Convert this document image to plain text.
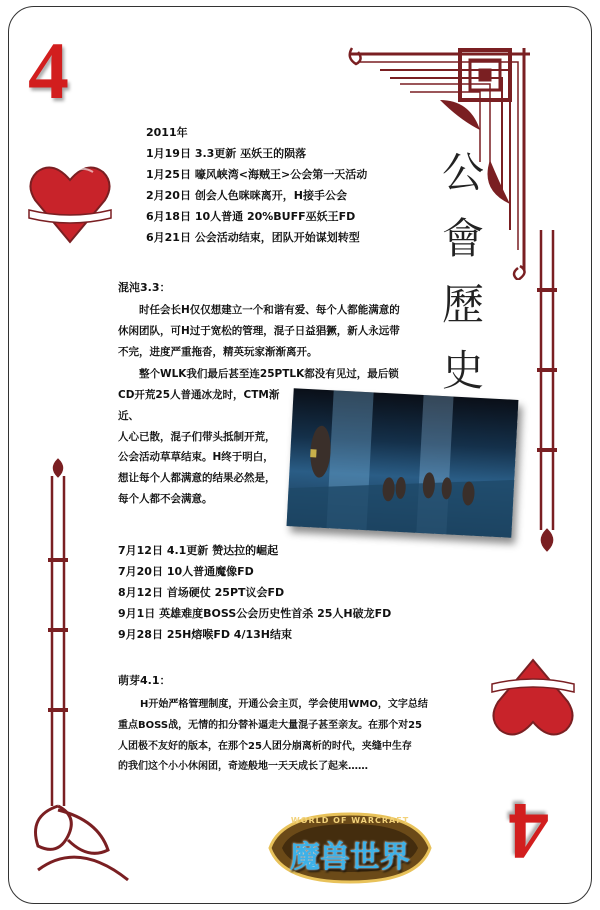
4
4
2011年
1月19日 3.3更新 巫妖王的陨落
1月25日 嚎风峡湾<海贼王>公会第一天活动
2月20日 创会人色咪咪离开，H接手公会
6月18日 10人普通 20%BUFF巫妖王FD
6月21日 公会活动结束，团队开始谋划转型
公
會
歷
史
混沌3.3：
时任会长H仅仅想建立一个和谐有爱、每个人都能满意的休闲团队，可H过于宽松的管理，混子日益猖獗，新人永远带不完，进度严重拖沓，精英玩家渐渐离开。
整个WLK我们最后甚至连25PTLK都没有见过，最后锁
CD开荒25人普通冰龙时，CTM渐近、
人心已散，混子们带头抵制开荒，
公会活动草草结束。H终于明白，
想让每个人都满意的结果必然是，
每个人都不会满意。
7月12日 4.1更新 赞达拉的崛起
7月20日 10人普通魔像FD
8月12日 首场硬仗 25PT议会FD
9月1日 英雄难度BOSS公会历史性首杀 25人H破龙FD
9月28日 25H熔喉FD 4/13H结束
萌芽4.1：
H开始严格管理制度，开通公会主页，学会使用WMO，文字总结
重点BOSS战，无情的扣分替补逼走大量混子甚至亲友。在那个对25
人团极不友好的版本，在那个25人团分崩离析的时代，夹缝中生存
的我们这个小小休闲团，奇迹般地一天天成长了起来……
WORLD OF WARCRAFT
魔兽世界
